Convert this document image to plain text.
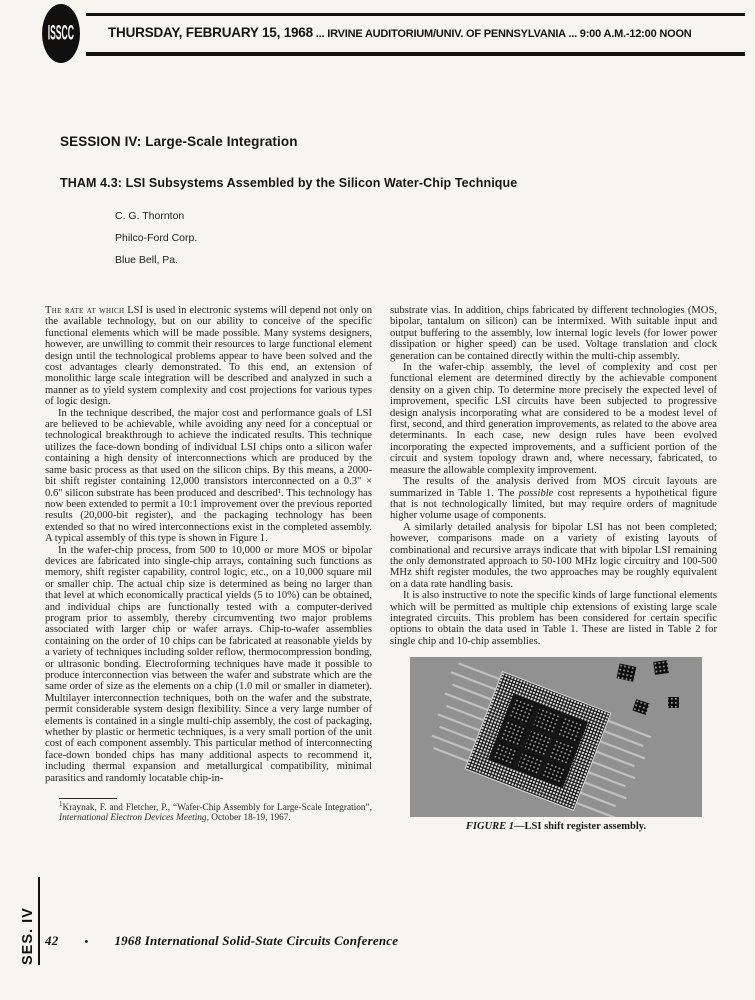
ISSCC	THURSDAY, FEBRUARY 15, 1968 ... IRVINE AUDITORIUM/UNIV. OF PENNSYLVANIA ... 9:00 A.M.-12:00 NOON
SESSION IV: Large-Scale Integration
THAM 4.3: LSI Subsystems Assembled by the Silicon Water-Chip Technique
C. G. Thornton
Philco-Ford Corp.
Blue Bell, Pa.

The rate at which LSI is used in electronic systems will depend not only on the available technology, but on our ability to conceive of the specific functional elements which will be made possible. Many systems designers, however, are unwilling to commit their resources to large functional element design until the technological problems appear to have been solved and the cost advantages clearly demonstrated. To this end, an extension of monolithic large scale integration will be described and analyzed in such a manner as to yield system complexity and cost projections for various types of logic design.

In the technique described, the major cost and performance goals of LSI are believed to be achievable, while avoiding any need for a conceptual or technological breakthrough to achieve the indicated results. This technique utilizes the face-down bonding of individual LSI chips onto a silicon wafer containing a high density of interconnections which are produced by the same basic process as that used on the silicon chips. By this means, a 2000-bit shift register containing 12,000 transistors interconnected on a 0.3" × 0.6" silicon substrate has been produced and described¹. This technology has now been extended to permit a 10:1 improvement over the previous reported results (20,000-bit register), and the packaging technology has been extended so that no wired interconnections exist in the completed assembly. A typical assembly of this type is shown in Figure 1.

In the wafer-chip process, from 500 to 10,000 or more MOS or bipolar devices are fabricated into single-chip arrays, containing such functions as memory, shift register capability, control logic, etc., on a 10,000 square mil or smaller chip. The actual chip size is determined as being no larger than that level at which economically practical yields (5 to 10%) can be obtained, and individual chips are functionally tested with a computer-derived program prior to assembly, thereby circumventing two major problems associated with larger chip or wafer arrays. Chip-to-wafer assemblies containing on the order of 10 chips can be fabricated at reasonable yields by a variety of techniques including solder reflow, thermocompression bonding, or ultrasonic bonding. Electroforming techniques have made it possible to produce interconnection vias between the wafer and substrate which are the same order of size as the elements on a chip (1.0 mil or smaller in diameter). Multilayer interconnection techniques, both on the wafer and the substrate, permit considerable system design flexibility. Since a very large number of elements is contained in a single multi-chip assembly, the cost of packaging, whether by plastic or hermetic techniques, is a very small portion of the unit cost of each component assembly. This particular method of interconnecting face-down bonded chips has many additional aspects to recommend it, including thermal expansion and metallurgical compatibility, minimal parasitics and randomly locatable chip-in-

$^1$Kraynak, F. and Fletcher, P., “Wafer-Chip Assembly for Large-Scale Integration”, International Electron Devices Meeting, October 18-19, 1967.

substrate vias. In addition, chips fabricated by different technologies (MOS, bipolar, tantalum on silicon) can be intermixed. With suitable input and output buffering to the assembly, low internal logic levels (for lower power dissipation or higher speed) can be used. Voltage translation and clock generation can be contained directly within the multi-chip assembly.

In the wafer-chip assembly, the level of complexity and cost per functional element are determined directly by the achievable component density on a given chip. To determine more precisely the expected level of improvement, specific LSI circuits have been subjected to progressive design analysis incorporating what are considered to be a modest level of first, second, and third generation improvements, as related to the above area determinants. In each case, new design rules have been evolved incorporating the expected improvements, and a sufficient portion of the circuit and system topology drawn and, where necessary, fabricated, to measure the allowable complexity improvement.

The results of the analysis derived from MOS circuit layouts are summarized in Table 1. The possible cost represents a hypothetical figure that is not technologically limited, but may require orders of magnitude higher volume usage of components.

A similarly detailed analysis for bipolar LSI has not been completed; however, comparisons made on a variety of existing layouts of combinational and recursive arrays indicate that with bipolar LSI remaining the only demonstrated approach to 50-100 MHz logic circuitry and 100-500 MHz shift register modules, the two approaches may be roughly equivalent on a data rate handling basis.

It is also instructive to note the specific kinds of large functional elements which will be permitted as multiple chip extensions of existing large scale integrated circuits. This problem has been considered for certain specific options to obtain the data used in Table 1. These are listed in Table 2 for single chip and 10-chip assemblies.

FIGURE 1—LSI shift register assembly.
SES. IV 42 • 1968 International Solid-State Circuits Conference
